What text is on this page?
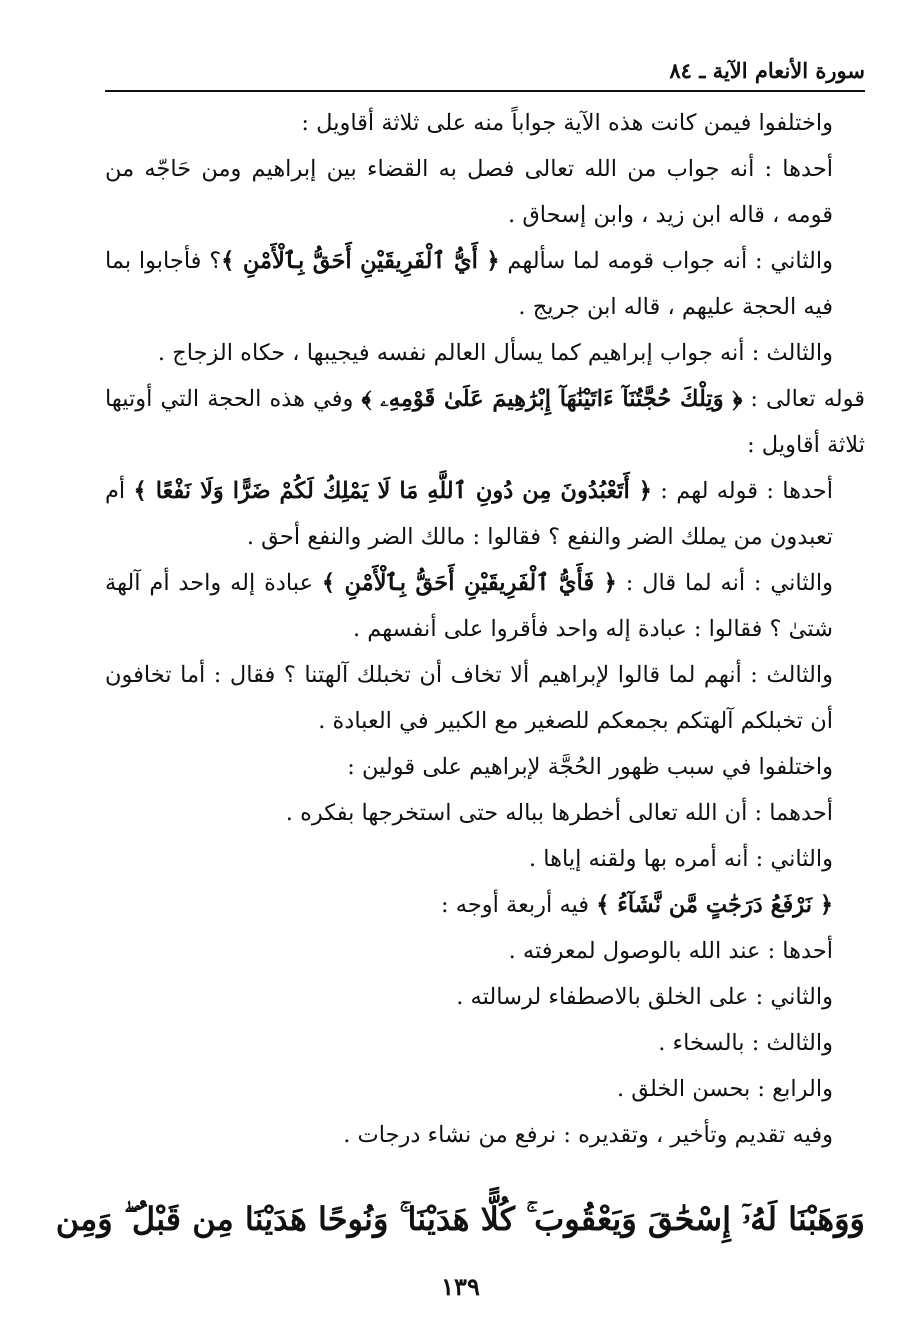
سورة الأنعام الآية ـ ٨٤

واختلفوا فيمن كانت هذه الآية جواباً منه على ثلاثة أقاويل :

أحدها : أنه جواب من الله تعالى فصل به القضاء بين إبراهيم ومن حَاجّه من قومه ، قاله ابن زيد ، وابن إسحاق .

والثاني : أنه جواب قومه لما سألهم ﴿ أَيُّ ٱلْفَرِيقَيْنِ أَحَقُّ بِٱلْأَمْنِ ﴾؟ فأجابوا بما فيه الحجة عليهم ، قاله ابن جريج .

والثالث : أنه جواب إبراهيم كما يسأل العالم نفسه فيجيبها ، حكاه الزجاج .

قوله تعالى : ﴿ وَتِلْكَ حُجَّتُنَآ ءَاتَيْنَٰهَآ إِبْرَٰهِيمَ عَلَىٰ قَوْمِهِۦ ﴾ وفي هذه الحجة التي أوتيها ثلاثة أقاويل :

أحدها : قوله لهم : ﴿ أَتَعْبُدُونَ مِن دُونِ ٱللَّهِ مَا لَا يَمْلِكُ لَكُمْ ضَرًّا وَلَا نَفْعًا ﴾ أم تعبدون من يملك الضر والنفع ؟ فقالوا : مالك الضر والنفع أحق .

والثاني : أنه لما قال : ﴿ فَأَيُّ ٱلْفَرِيقَيْنِ أَحَقُّ بِٱلْأَمْنِ ﴾ عبادة إله واحد أم آلهة شتىٰ ؟ فقالوا : عبادة إله واحد فأقروا على أنفسهم .

والثالث : أنهم لما قالوا لإبراهيم ألا تخاف أن تخبلك آلهتنا ؟ فقال : أما تخافون أن تخبلكم آلهتكم بجمعكم للصغير مع الكبير في العبادة .

واختلفوا في سبب ظهور الحُجَّة لإبراهيم على قولين :

أحدهما : أن الله تعالى أخطرها بباله حتى استخرجها بفكره .

والثاني : أنه أمره بها ولقنه إياها .

﴿ نَرْفَعُ دَرَجَٰتٍ مَّن نَّشَآءُ ﴾ فيه أربعة أوجه :

أحدها : عند الله بالوصول لمعرفته .

والثاني : على الخلق بالاصطفاء لرسالته .

والثالث : بالسخاء .

والرابع : بحسن الخلق .

وفيه تقديم وتأخير ، وتقديره : نرفع من نشاء درجات .

وَوَهَبْنَا لَهُۥٓ إِسْحَٰقَ وَيَعْقُوبَ ۚ كُلًّا هَدَيْنَا ۚ وَنُوحًا هَدَيْنَا مِن قَبْلُ ۖ وَمِن
١٣٩
